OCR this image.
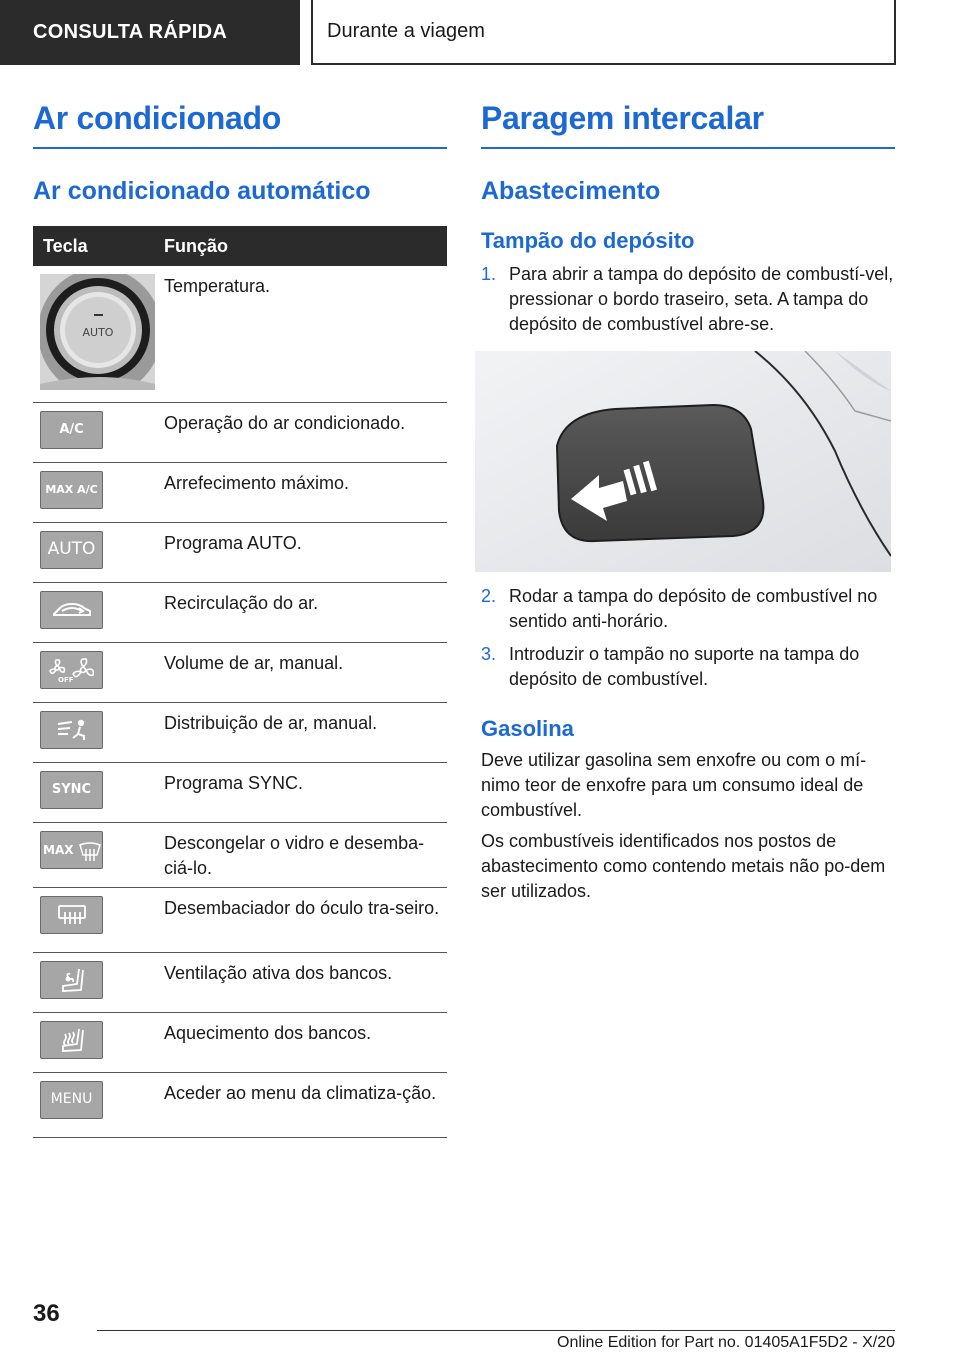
CONSULTA RÁPIDA	Durante a viagem
Ar condicionado
Ar condicionado automático
Tecla	Função

AUTO	Temperatura.

A/C	Operação do ar condicionado.

MAX A/C	Arrefecimento máximo.

AUTO	Programa AUTO.

	Recirculação do ar.

OFF	Volume de ar, manual.

	Distribuição de ar, manual.

SYNC	Programa SYNC.

MAX	Descongelar o vidro e desemba-ciá-lo.

	Desembaciador do óculo tra-seiro.

	Ventilação ativa dos bancos.

	Aquecimento dos bancos.

MENU	Aceder ao menu da climatiza-ção.
Paragem intercalar
Abastecimento
Tampão do depósito
1. Para abrir a tampa do depósito de combustí-vel, pressionar o bordo traseiro, seta. A tampa do depósito de combustível abre-se.
2. Rodar a tampa do depósito de combustível no sentido anti-horário.
3. Introduzir o tampão no suporte na tampa do depósito de combustível.
Gasolina

Deve utilizar gasolina sem enxofre ou com o mí-nimo teor de enxofre para um consumo ideal de combustível.

Os combustíveis identificados nos postos de abastecimento como contendo metais não po-dem ser utilizados.

36
Online Edition for Part no. 01405A1F5D2 - X/20
